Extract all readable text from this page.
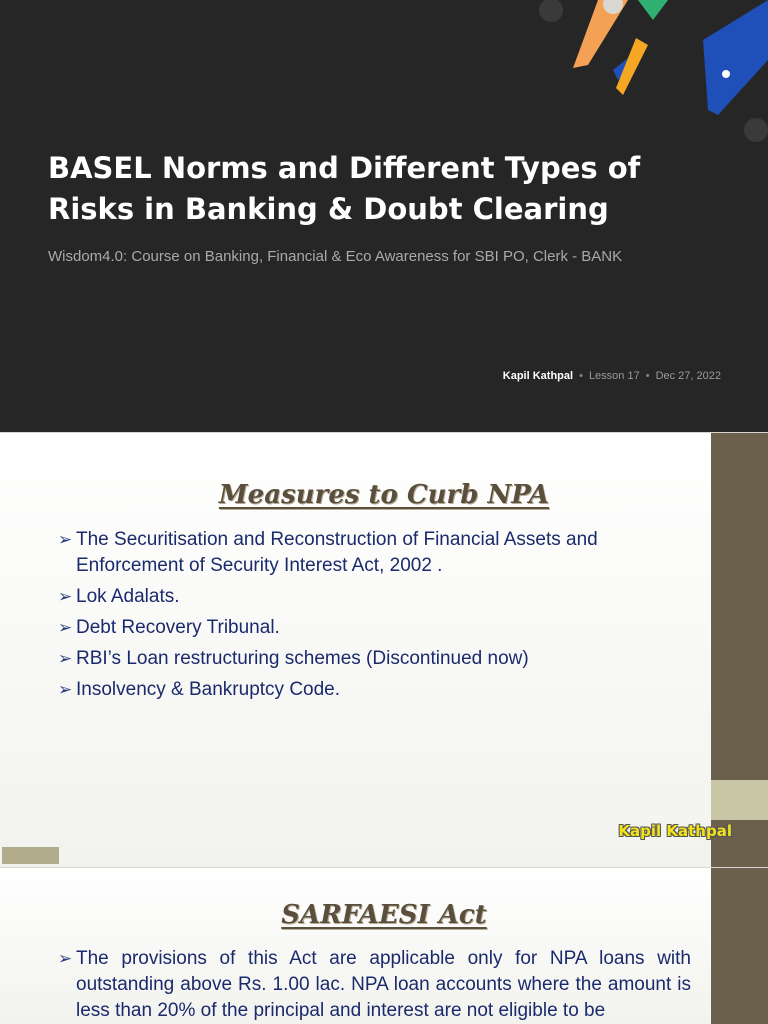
BASEL Norms and Different Types of Risks in Banking & Doubt Clearing

Wisdom4.0: Course on Banking, Financial & Eco Awareness for SBI PO, Clerk - BANK

Kapil Kathpal • Lesson 17 • Dec 27, 2022
Measures to Curb NPA
➢ The Securitisation and Reconstruction of Financial Assets and Enforcement of Security Interest Act, 2002 .
➢ Lok Adalats.
➢ Debt Recovery Tribunal.
➢ RBI’s Loan restructuring schemes (Discontinued now)
➢ Insolvency & Bankruptcy Code.
Kapil Kathpal
SARFAESI Act
➢ The provisions of this Act are applicable only for NPA loans with outstanding above Rs. 1.00 lac. NPA loan accounts where the amount is less than 20% of the principal and interest are not eligible to be
